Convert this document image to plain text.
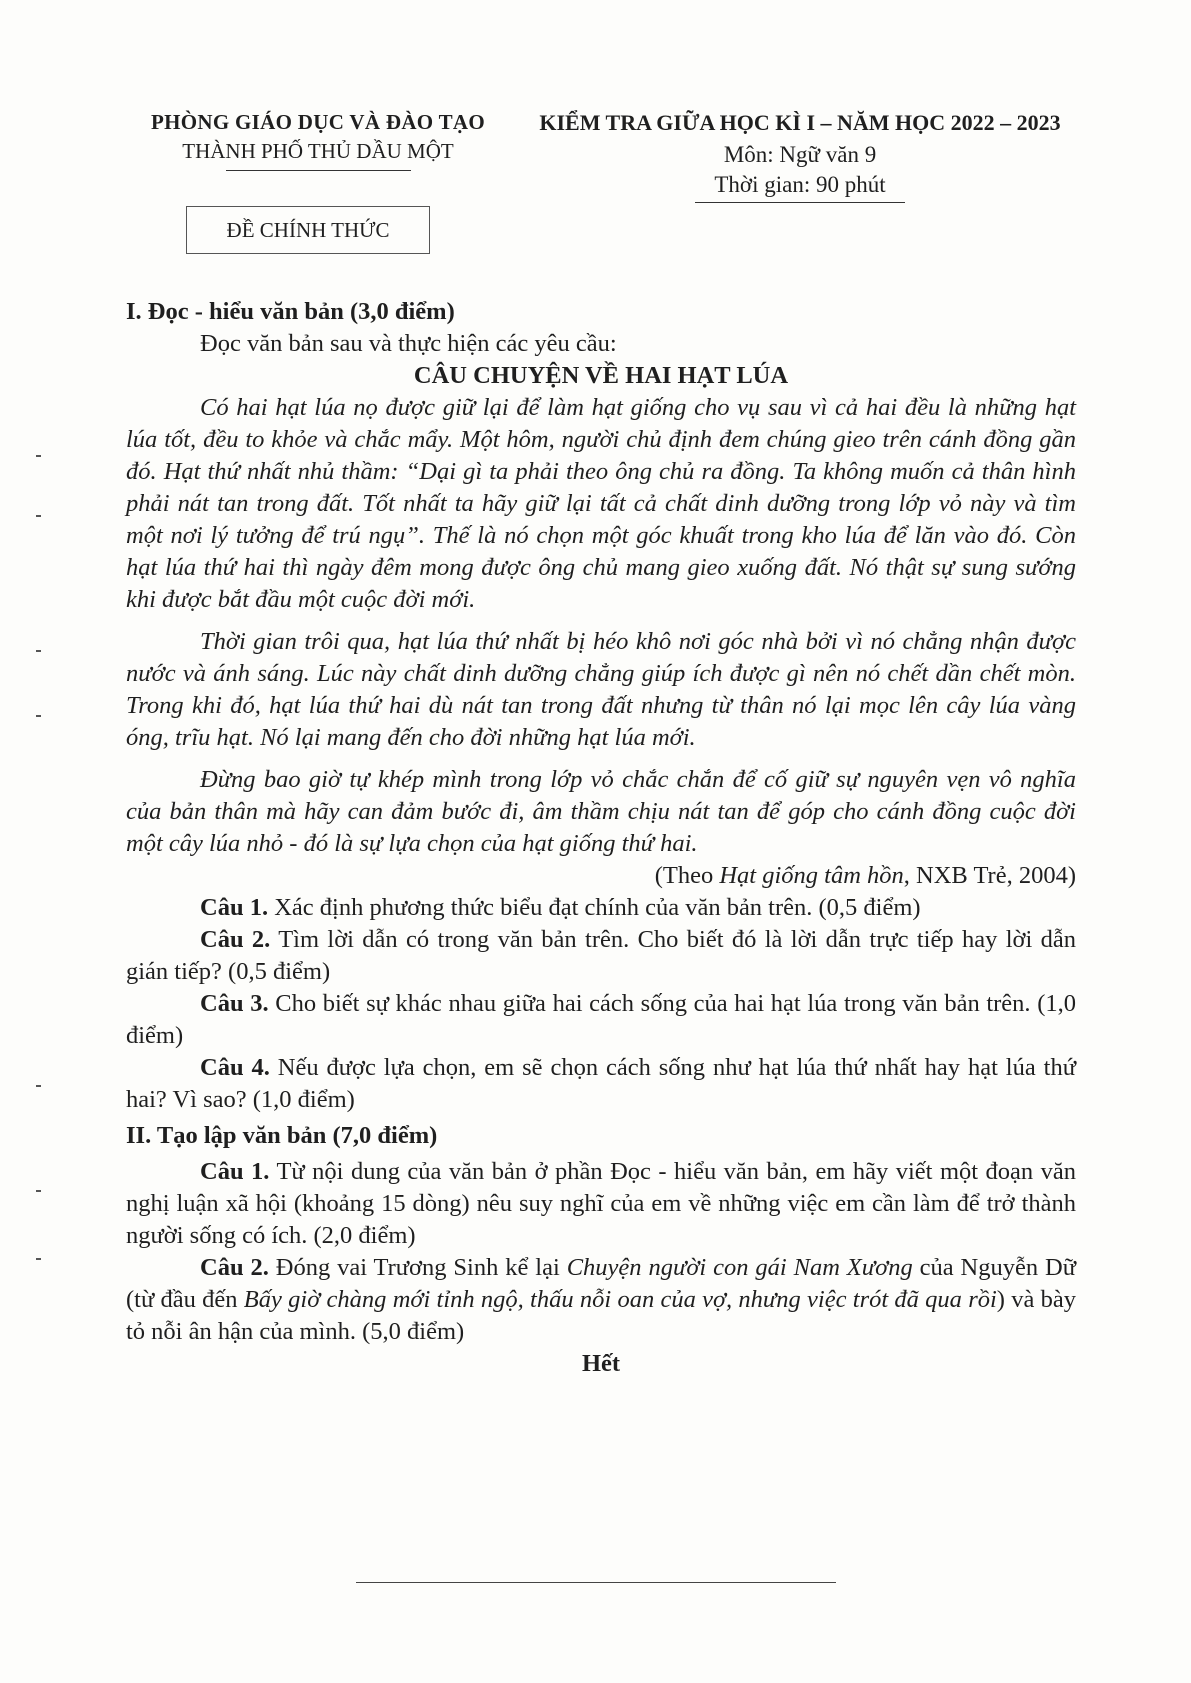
PHÒNG GIÁO DỤC VÀ ĐÀO TẠO
THÀNH PHỐ THỦ DẦU MỘT
KIỂM TRA GIỮA HỌC KÌ I – NĂM HỌC 2022 – 2023
Môn: Ngữ văn 9
Thời gian: 90 phút
ĐỀ CHÍNH THỨC

I. Đọc - hiểu văn bản (3,0 điểm)

Đọc văn bản sau và thực hiện các yêu cầu:

CÂU CHUYỆN VỀ HAI HẠT LÚA

Có hai hạt lúa nọ được giữ lại để làm hạt giống cho vụ sau vì cả hai đều là những hạt lúa tốt, đều to khỏe và chắc mẩy. Một hôm, người chủ định đem chúng gieo trên cánh đồng gần đó. Hạt thứ nhất nhủ thầm: “Dại gì ta phải theo ông chủ ra đồng. Ta không muốn cả thân hình phải nát tan trong đất. Tốt nhất ta hãy giữ lại tất cả chất dinh dưỡng trong lớp vỏ này và tìm một nơi lý tưởng để trú ngụ”. Thế là nó chọn một góc khuất trong kho lúa để lăn vào đó. Còn hạt lúa thứ hai thì ngày đêm mong được ông chủ mang gieo xuống đất. Nó thật sự sung sướng khi được bắt đầu một cuộc đời mới.

Thời gian trôi qua, hạt lúa thứ nhất bị héo khô nơi góc nhà bởi vì nó chẳng nhận được nước và ánh sáng. Lúc này chất dinh dưỡng chẳng giúp ích được gì nên nó chết dần chết mòn. Trong khi đó, hạt lúa thứ hai dù nát tan trong đất nhưng từ thân nó lại mọc lên cây lúa vàng óng, trĩu hạt. Nó lại mang đến cho đời những hạt lúa mới.

Đừng bao giờ tự khép mình trong lớp vỏ chắc chắn để cố giữ sự nguyên vẹn vô nghĩa của bản thân mà hãy can đảm bước đi, âm thầm chịu nát tan để góp cho cánh đồng cuộc đời một cây lúa nhỏ - đó là sự lựa chọn của hạt giống thứ hai.

(Theo Hạt giống tâm hồn, NXB Trẻ, 2004)

Câu 1. Xác định phương thức biểu đạt chính của văn bản trên. (0,5 điểm)

Câu 2. Tìm lời dẫn có trong văn bản trên. Cho biết đó là lời dẫn trực tiếp hay lời dẫn gián tiếp? (0,5 điểm)

Câu 3. Cho biết sự khác nhau giữa hai cách sống của hai hạt lúa trong văn bản trên. (1,0 điểm)

Câu 4. Nếu được lựa chọn, em sẽ chọn cách sống như hạt lúa thứ nhất hay hạt lúa thứ hai? Vì sao? (1,0 điểm)

II. Tạo lập văn bản (7,0 điểm)

Câu 1. Từ nội dung của văn bản ở phần Đọc - hiểu văn bản, em hãy viết một đoạn văn nghị luận xã hội (khoảng 15 dòng) nêu suy nghĩ của em về những việc em cần làm để trở thành người sống có ích. (2,0 điểm)

Câu 2. Đóng vai Trương Sinh kể lại Chuyện người con gái Nam Xương của Nguyễn Dữ (từ đầu đến Bấy giờ chàng mới tỉnh ngộ, thấu nỗi oan của vợ, nhưng việc trót đã qua rồi) và bày tỏ nỗi ân hận của mình. (5,0 điểm)

Hết
